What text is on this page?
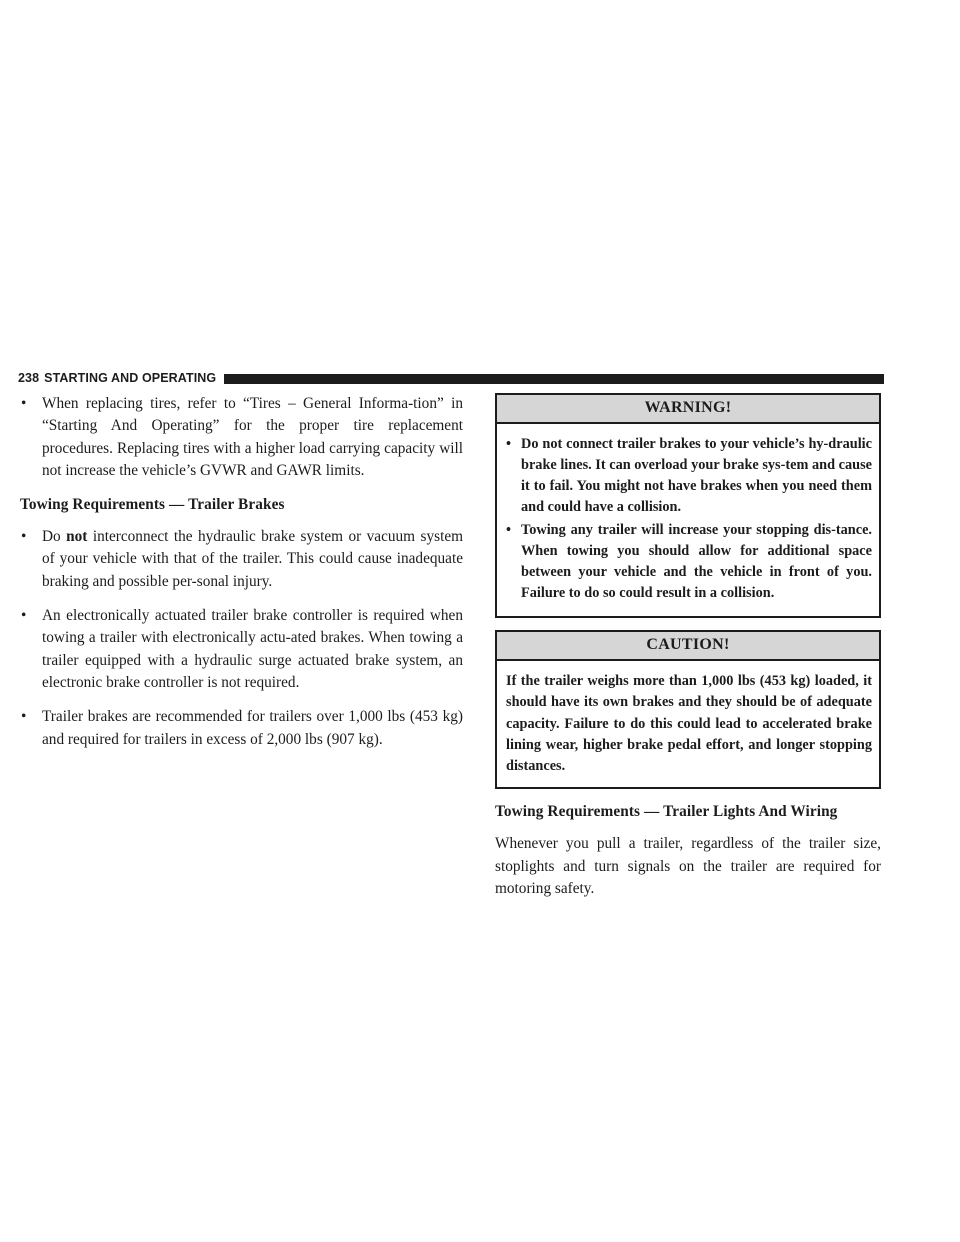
238 STARTING AND OPERATING

• When replacing tires, refer to “Tires – General Informa-tion” in “Starting And Operating” for the proper tire replacement procedures. Replacing tires with a higher load carrying capacity will not increase the vehicle’s GVWR and GAWR limits.

Towing Requirements — Trailer Brakes

• Do not interconnect the hydraulic brake system or vacuum system of your vehicle with that of the trailer. This could cause inadequate braking and possible per-sonal injury.

• An electronically actuated trailer brake controller is required when towing a trailer with electronically actu-ated brakes. When towing a trailer equipped with a hydraulic surge actuated brake system, an electronic brake controller is not required.

• Trailer brakes are recommended for trailers over 1,000 lbs (453 kg) and required for trailers in excess of 2,000 lbs (907 kg).

WARNING!

• Do not connect trailer brakes to your vehicle’s hy-draulic brake lines. It can overload your brake sys-tem and cause it to fail. You might not have brakes when you need them and could have a collision.

• Towing any trailer will increase your stopping dis-tance. When towing you should allow for additional space between your vehicle and the vehicle in front of you. Failure to do so could result in a collision.

CAUTION!

If the trailer weighs more than 1,000 lbs (453 kg) loaded, it should have its own brakes and they should be of adequate capacity. Failure to do this could lead to accelerated brake lining wear, higher brake pedal effort, and longer stopping distances.

Towing Requirements — Trailer Lights And Wiring

Whenever you pull a trailer, regardless of the trailer size, stoplights and turn signals on the trailer are required for motoring safety.
